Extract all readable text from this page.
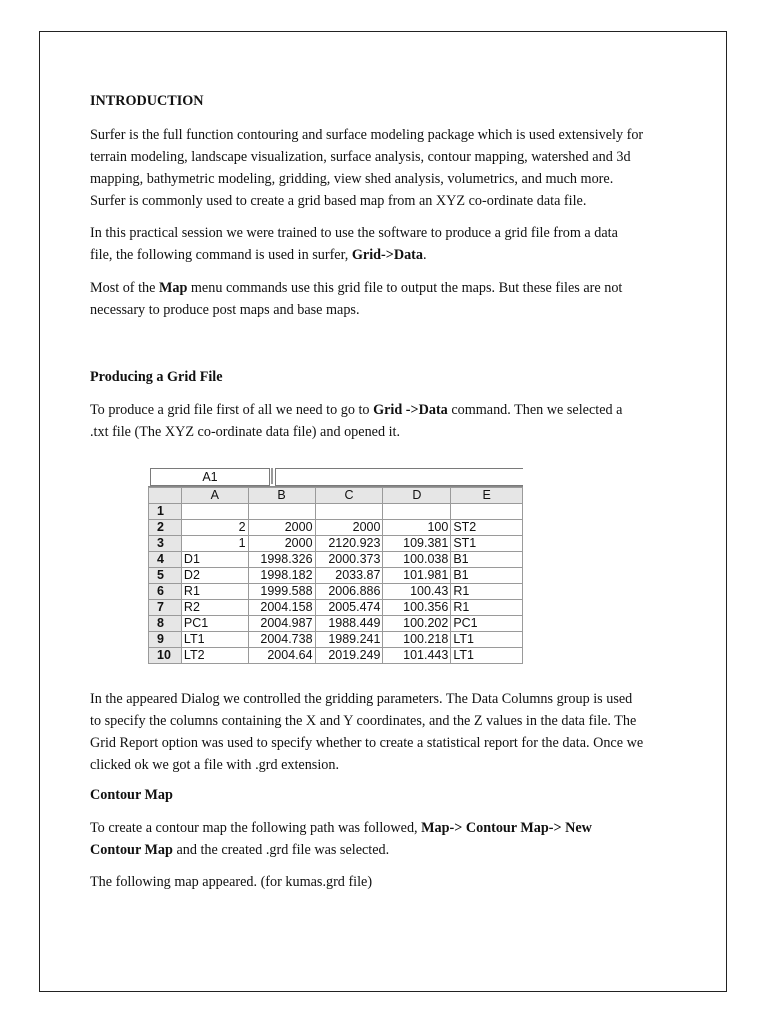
INTRODUCTION

Surfer is the full function contouring and surface modeling package which is used extensively for
terrain modeling, landscape visualization, surface analysis, contour mapping, watershed and 3d
mapping, bathymetric modeling, gridding, view shed analysis, volumetrics, and much more.
Surfer is commonly used to create a grid based map from an XYZ co-ordinate data file.

In this practical session we were trained to use the software to produce a grid file from a data
file, the following command is used in surfer, Grid->Data.

Most of the Map menu commands use this grid file to output the maps. But these files are not
necessary to produce post maps and base maps.

Producing a Grid File

To produce a grid file first of all we need to go to Grid ->Data command. Then we selected a
.txt file (The XYZ co-ordinate data file) and opened it.

A1
	A	B	C	D	E
1					
2	2	2000	2000	100	ST2
3	1	2000	2120.923	109.381	ST1
4	D1	1998.326	2000.373	100.038	B1
5	D2	1998.182	2033.87	101.981	B1
6	R1	1999.588	2006.886	100.43	R1
7	R2	2004.158	2005.474	100.356	R1
8	PC1	2004.987	1988.449	100.202	PC1
9	LT1	2004.738	1989.241	100.218	LT1
10	LT2	2004.64	2019.249	101.443	LT1

In the appeared Dialog we controlled the gridding parameters. The Data Columns group is used
to specify the columns containing the X and Y coordinates, and the Z values in the data file. The
Grid Report option was used to specify whether to create a statistical report for the data. Once we
clicked ok we got a file with .grd extension.

Contour Map

To create a contour map the following path was followed, Map-> Contour Map-> New
Contour Map and the created .grd file was selected.

The following map appeared. (for kumas.grd file)
